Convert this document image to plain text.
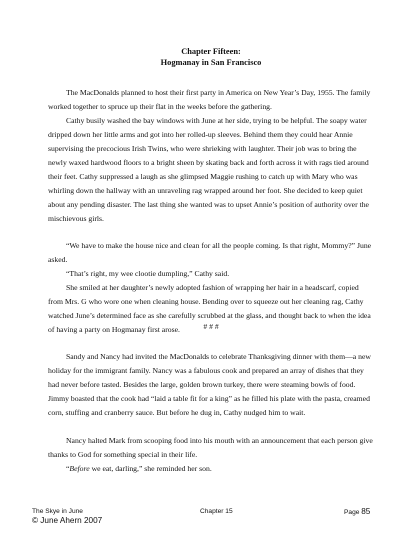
Chapter Fifteen:
Hogmanay in San Francisco

The MacDonalds planned to host their first party in America on New Year’s Day, 1955. The family worked together to spruce up their flat in the weeks before the gathering.

Cathy busily washed the bay windows with June at her side, trying to be helpful. The soapy water dripped down her little arms and got into her rolled-up sleeves. Behind them they could hear Annie supervising the precocious Irish Twins, who were shrieking with laughter. Their job was to bring the newly waxed hardwood floors to a bright sheen by skating back and forth across it with rags tied around their feet. Cathy suppressed a laugh as she glimpsed Maggie rushing to catch up with Mary who was whirling down the hallway with an unraveling rag wrapped around her foot. She decided to keep quiet about any pending disaster. The last thing she wanted was to upset Annie’s position of authority over the mischievous girls.

“We have to make the house nice and clean for all the people coming. Is that right, Mommy?” June asked.

“That’s right, my wee clootie dumpling,” Cathy said.

She smiled at her daughter’s newly adopted fashion of wrapping her hair in a headscarf, copied from Mrs. G who wore one when cleaning house. Bending over to squeeze out her cleaning rag, Cathy watched June’s determined face as she carefully scrubbed at the glass, and thought back to when the idea of having a party on Hogmanay first arose.	# # #

Sandy and Nancy had invited the MacDonalds to celebrate Thanksgiving dinner with them—a new holiday for the immigrant family. Nancy was a fabulous cook and prepared an array of dishes that they had never before tasted. Besides the large, golden brown turkey, there were steaming bowls of food. Jimmy boasted that the cook had “laid a table fit for a king” as he filled his plate with the pasta, creamed corn, stuffing and cranberry sauce. But before he dug in, Cathy nudged him to wait.

Nancy halted Mark from scooping food into his mouth with an announcement that each person give thanks to God for something special in their life.

“Before we eat, darling,” she reminded her son.

The Skye in June
© June Ahern 2007
Chapter 15	Page 85
